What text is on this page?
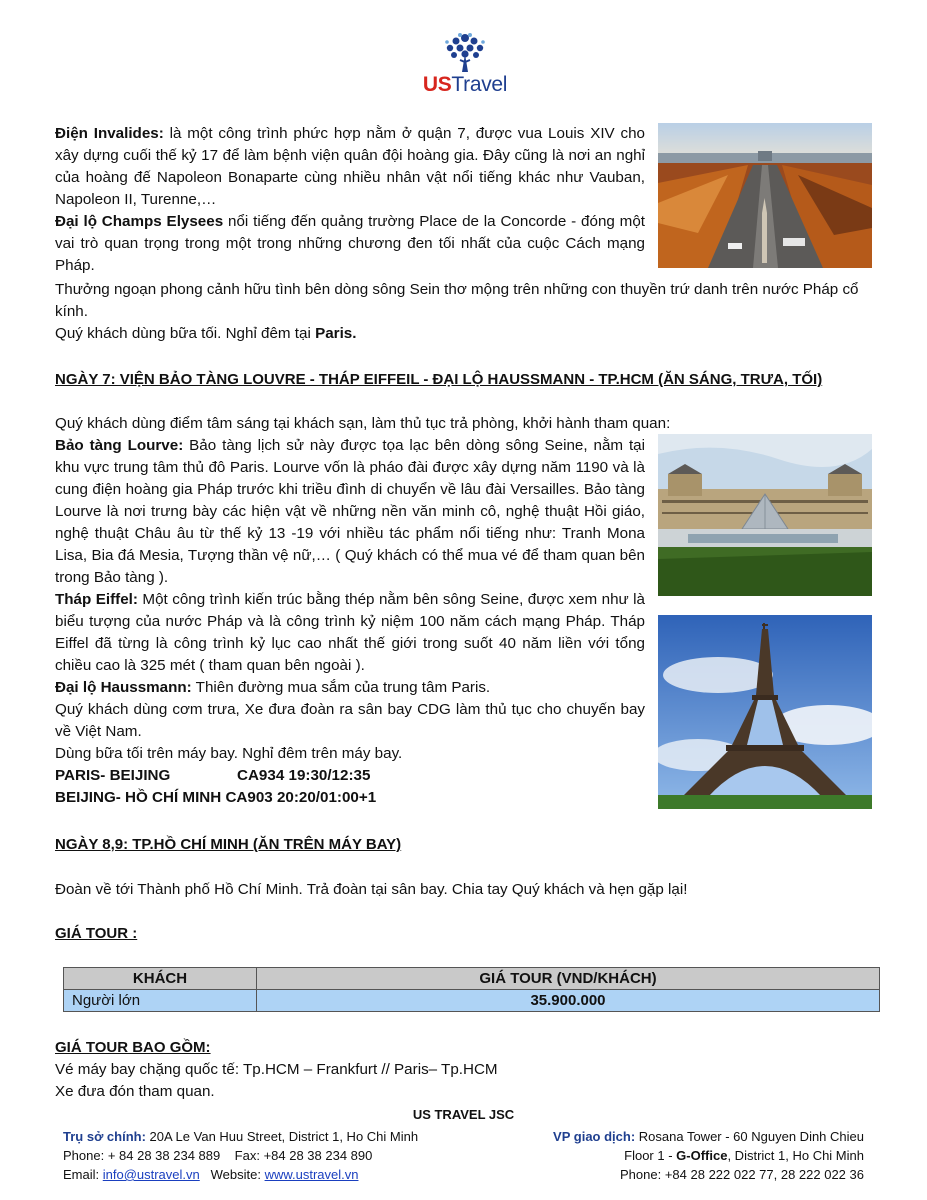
USTravel

Điện Invalides: là một công trình phức hợp nằm ở quận 7, được vua Louis XIV cho xây dựng cuối thế kỷ 17 để làm bệnh viện quân đội hoàng gia. Đây cũng là nơi an nghỉ của hoàng đế Napoleon Bonaparte cùng nhiều nhân vật nổi tiếng khác như Vauban, Napoleon II, Turenne,…

Đại lộ Champs Elysees nổi tiếng đến quảng trường Place de la Concorde - đóng một vai trò quan trọng trong một trong những chương đen tối nhất của cuộc Cách mạng Pháp.

Thưởng ngoạn phong cảnh hữu tình bên dòng sông Sein thơ mộng trên những con thuyền trứ danh trên nước Pháp cổ kính.

Quý khách dùng bữa tối. Nghỉ đêm tại Paris.

NGÀY 7: VIỆN BẢO TÀNG LOUVRE - THÁP EIFFEIL - ĐẠI LỘ HAUSSMANN - TP.HCM (ĂN SÁNG, TRƯA, TỐI)
Quý khách dùng điểm tâm sáng tại khách sạn, làm thủ tục trả phòng, khởi hành tham quan:

Bảo tàng Lourve: Bảo tàng lịch sử này được tọa lạc bên dòng sông Seine, nằm tại khu vực trung tâm thủ đô Paris. Lourve vốn là pháo đài được xây dựng năm 1190 và là cung điện hoàng gia Pháp trước khi triều đình di chuyển về lâu đài Versailles. Bảo tàng Lourve là nơi trưng bày các hiện vật về những nền văn minh cô, nghệ thuật Hồi giáo, nghệ thuật Châu âu từ thế kỷ 13 -19 với nhiều tác phẩm nổi tiếng như: Tranh Mona Lisa, Bia đá Mesia, Tượng thần vệ nữ,… ( Quý khách có thể mua vé để tham quan bên trong Bảo tàng ).

Tháp Eiffel: Một công trình kiến trúc bằng thép nằm bên sông Seine, được xem như là biểu tượng của nước Pháp và là công trình kỷ niệm 100 năm cách mạng Pháp. Tháp Eiffel đã từng là công trình kỷ lục cao nhất thế giới trong suốt 40 năm liền với tổng chiều cao là 325 mét ( tham quan bên ngoài ).

Đại lộ Haussmann: Thiên đường mua sắm của trung tâm Paris.

Quý khách dùng cơm trưa, Xe đưa đoàn ra sân bay CDG làm thủ tục cho chuyến bay về Việt Nam.

Dùng bữa tối trên máy bay. Nghỉ đêm trên máy bay.

PARIS- BEIJING	CA934 19:30/12:35

BEIJING- HỒ CHÍ MINH CA903 20:20/01:00+1

NGÀY 8,9: TP.HỒ CHÍ MINH (ĂN TRÊN MÁY BAY)
Đoàn về tới Thành phố Hồ Chí Minh. Trả đoàn tại sân bay. Chia tay Quý khách và hẹn gặp lại!
GIÁ TOUR :
KHÁCH	GIÁ TOUR (VND/KHÁCH)
Người lớn	35.900.000
GIÁ TOUR BAO GỒM:

Vé máy bay chặng quốc tế: Tp.HCM – Frankfurt // Paris– Tp.HCM

Xe đưa đón tham quan.

US TRAVEL JSC
Trụ sở chính: 20A Le Van Huu Street, District 1, Ho Chi Minh
Phone: + 84 28 38 234 889    Fax: +84 28 38 234 890
Email: info@ustravel.vn   Website: www.ustravel.vn
VP giao dịch: Rosana Tower - 60 Nguyen Dinh Chieu
Floor 1 - G-Office, District 1, Ho Chi Minh
Phone: +84 28 222 022 77, 28 222 022 36
